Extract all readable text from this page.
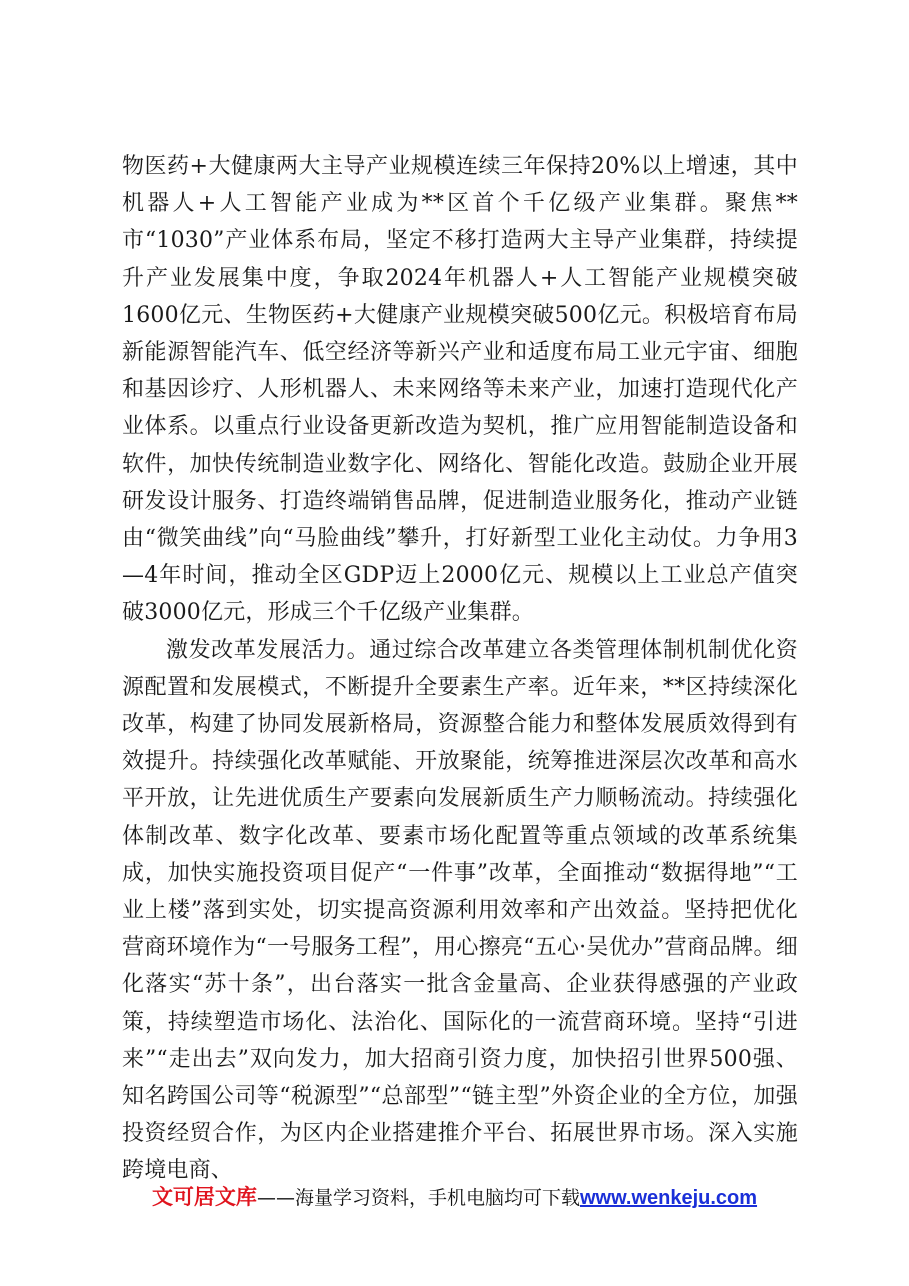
物医药+大健康两大主导产业规模连续三年保持20%以上增速，其中机器人+人工智能产业成为**区首个千亿级产业集群。聚焦**市“1030”产业体系布局，坚定不移打造两大主导产业集群，持续提升产业发展集中度，争取2024年机器人+人工智能产业规模突破1600亿元、生物医药+大健康产业规模突破500亿元。积极培育布局新能源智能汽车、低空经济等新兴产业和适度布局工业元宇宙、细胞和基因诊疗、人形机器人、未来网络等未来产业，加速打造现代化产业体系。以重点行业设备更新改造为契机，推广应用智能制造设备和软件，加快传统制造业数字化、网络化、智能化改造。鼓励企业开展研发设计服务、打造终端销售品牌，促进制造业服务化，推动产业链由“微笑曲线”向“马脸曲线”攀升，打好新型工业化主动仗。力争用3—4年时间，推动全区GDP迈上2000亿元、规模以上工业总产值突破3000亿元，形成三个千亿级产业集群。

激发改革发展活力。通过综合改革建立各类管理体制机制优化资源配置和发展模式，不断提升全要素生产率。近年来，**区持续深化改革，构建了协同发展新格局，资源整合能力和整体发展质效得到有效提升。持续强化改革赋能、开放聚能，统筹推进深层次改革和高水平开放，让先进优质生产要素向发展新质生产力顺畅流动。持续强化体制改革、数字化改革、要素市场化配置等重点领域的改革系统集成，加快实施投资项目促产“一件事”改革，全面推动“数据得地”“工业上楼”落到实处，切实提高资源利用效率和产出效益。坚持把优化营商环境作为“一号服务工程”，用心擦亮“五心·吴优办”营商品牌。细化落实“苏十条”，出台落实一批含金量高、企业获得感强的产业政策，持续塑造市场化、法治化、国际化的一流营商环境。坚持“引进来”“走出去”双向发力，加大招商引资力度，加快招引世界500强、知名跨国公司等“税源型”“总部型”“链主型”外资企业的全方位，加强投资经贸合作，为区内企业搭建推介平台、拓展世界市场。深入实施跨境电商、

文可居文库——海量学习资料，手机电脑均可下载www.wenkeju.com
